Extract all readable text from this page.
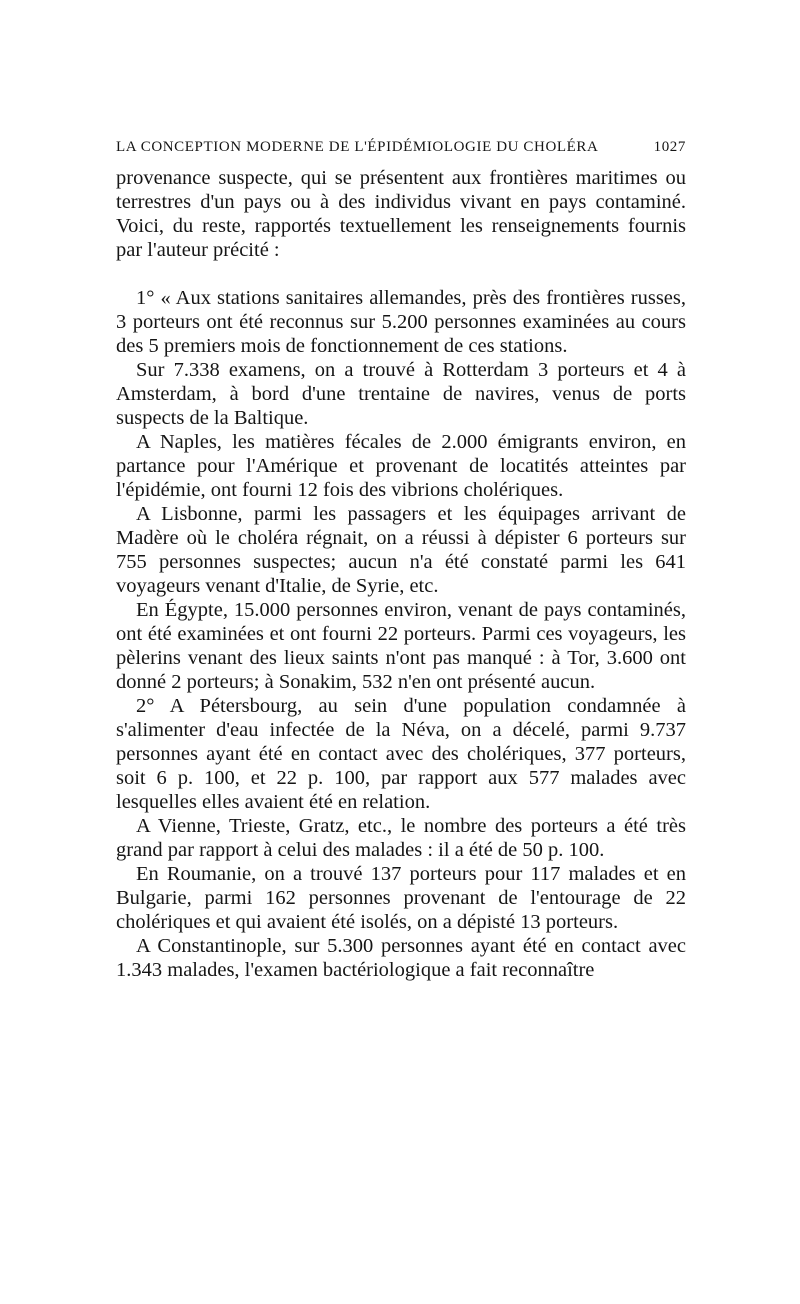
LA CONCEPTION MODERNE DE L'ÉPIDÉMIOLOGIE DU CHOLÉRA	1027

provenance suspecte, qui se présentent aux frontières maritimes ou terrestres d'un pays ou à des individus vivant en pays contaminé. Voici, du reste, rapportés textuellement les renseignements fournis par l'auteur précité :

1° « Aux stations sanitaires allemandes, près des frontières russes, 3 porteurs ont été reconnus sur 5.200 personnes examinées au cours des 5 premiers mois de fonctionnement de ces stations.

Sur 7.338 examens, on a trouvé à Rotterdam 3 porteurs et 4 à Amsterdam, à bord d'une trentaine de navires, venus de ports suspects de la Baltique.

A Naples, les matières fécales de 2.000 émigrants environ, en partance pour l'Amérique et provenant de locatités atteintes par l'épidémie, ont fourni 12 fois des vibrions cholériques.

A Lisbonne, parmi les passagers et les équipages arrivant de Madère où le choléra régnait, on a réussi à dépister 6 porteurs sur 755 personnes suspectes; aucun n'a été constaté parmi les 641 voyageurs venant d'Italie, de Syrie, etc.

En Égypte, 15.000 personnes environ, venant de pays contaminés, ont été examinées et ont fourni 22 porteurs. Parmi ces voyageurs, les pèlerins venant des lieux saints n'ont pas manqué : à Tor, 3.600 ont donné 2 porteurs; à Sonakim, 532 n'en ont présenté aucun.

2° A Pétersbourg, au sein d'une population condamnée à s'alimenter d'eau infectée de la Néva, on a décelé, parmi 9.737 personnes ayant été en contact avec des cholériques, 377 porteurs, soit 6 p. 100, et 22 p. 100, par rapport aux 577 malades avec lesquelles elles avaient été en relation.

A Vienne, Trieste, Gratz, etc., le nombre des porteurs a été très grand par rapport à celui des malades : il a été de 50 p. 100.

En Roumanie, on a trouvé 137 porteurs pour 117 malades et en Bulgarie, parmi 162 personnes provenant de l'entourage de 22 cholériques et qui avaient été isolés, on a dépisté 13 porteurs.

A Constantinople, sur 5.300 personnes ayant été en contact avec 1.343 malades, l'examen bactériologique a fait reconnaître
